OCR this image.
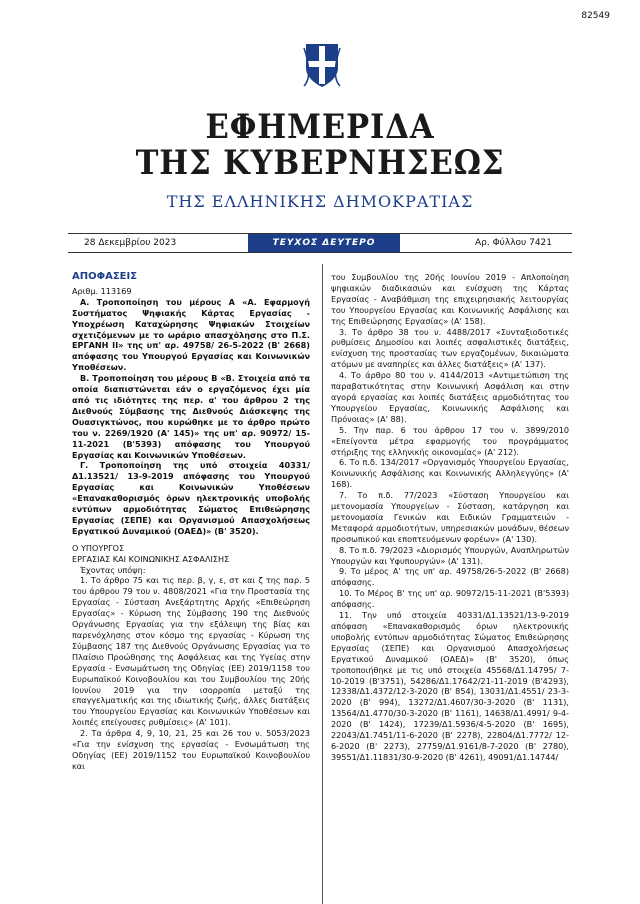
82549
ΕΦΗΜΕΡΙΔΑ
ΤΗΣ ΚΥΒΕΡΝΗΣΕΩΣ
ΤΗΣ ΕΛΛΗΝΙΚΗΣ ΔΗΜΟΚΡΑΤΙΑΣ
28 Δεκεμβρίου 2023	ΤΕΥΧΟΣ ΔΕΥΤΕΡΟ	Αρ. Φύλλου 7421
ΑΠΟΦΑΣΕΙΣ

Αριθμ. 113169

Α. Τροποποίηση του μέρους Α «Α. Εφαρμογή Συστήματος Ψηφιακής Κάρτας Εργασίας - Υποχρέωση Καταχώρησης Ψηφιακών Στοιχείων σχετιζόμενων με το ωράριο απασχόλησης στο Π.Σ. ΕΡΓΑΝΗ ΙΙ» της υπ' αρ. 49758/ 26-5-2022 (Β' 2668) απόφασης του Υπουργού Εργασίας και Κοινωνικών Υποθέσεων.

Β. Τροποποίηση του μέρους Β «Β. Στοιχεία από τα οποία διαπιστώνεται εάν ο εργαζόμενος έχει μία από τις ιδιότητες της περ. α' του άρθρου 2 της Διεθνούς Σύμβασης της Διεθνούς Διάσκεψης της Ουασιγκτώνος, που κυρώθηκε με το άρθρο πρώτο του ν. 2269/1920 (Α' 145)» της υπ' αρ. 90972/ 15-11-2021 (Β'5393) απόφασης του Υπουργού Εργασίας και Κοινωνικών Υποθέσεων.

Γ. Τροποποίηση της υπό στοιχεία 40331/Δ1.13521/ 13-9-2019 απόφασης του Υπουργού Εργασίας και Κοινωνικών Υποθέσεων «Επανακαθορισμός όρων ηλεκτρονικής υποβολής εντύπων αρμοδιότητας Σώματος Επιθεώρησης Εργασίας (ΣΕΠΕ) και Οργανισμού Απασχολήσεως Εργατικού Δυναμικού (ΟΑΕΔ)» (Β' 3520).

Ο ΥΠΟΥΡΓΟΣ

ΕΡΓΑΣΙΑΣ ΚΑΙ ΚΟΙΝΩΝΙΚΗΣ ΑΣΦΑΛΙΣΗΣ

Έχοντας υπόψη:

1. Το άρθρο 75 και τις περ. β, γ, ε, στ και ζ της παρ. 5 του άρθρου 79 του ν. 4808/2021 «Για την Προστασία της Εργασίας - Σύσταση Ανεξάρτητης Αρχής «Επιθεώρηση Εργασίας» - Κύρωση της Σύμβασης 190 της Διεθνούς Οργάνωσης Εργασίας για την εξάλειψη της βίας και παρενόχλησης στον κόσμο της εργασίας - Κύρωση της Σύμβασης 187 της Διεθνούς Οργάνωσης Εργασίας για το Πλαίσιο Προώθησης της Ασφάλειας και της Υγείας στην Εργασία - Ενσωμάτωση της Οδηγίας (ΕΕ) 2019/1158 του Ευρωπαϊκού Κοινοβουλίου και του Συμβουλίου της 20ής Ιουνίου 2019 για την ισορροπία μεταξύ της επαγγελματικής και της ιδιωτικής ζωής, άλλες διατάξεις του Υπουργείου Εργασίας και Κοινωνικών Υποθέσεων και λοιπές επείγουσες ρυθμίσεις» (Α' 101).

2. Τα άρθρα 4, 9, 10, 21, 25 και 26 του ν. 5053/2023 «Για την ενίσχυση της εργασίας - Ενσωμάτωση της Οδηγίας (ΕΕ) 2019/1152 του Ευρωπαϊκού Κοινοβουλίου και

του Συμβουλίου της 20ής Ιουνίου 2019 - Απλοποίηση ψηφιακών διαδικασιών και ενίσχυση της Κάρτας Εργασίας - Αναβάθμιση της επιχειρησιακής λειτουργίας του Υπουργείου Εργασίας και Κοινωνικής Ασφάλισης και της Επιθεώρησης Εργασίας» (Α' 158).

3. Το άρθρο 38 του ν. 4488/2017 «Συνταξιοδοτικές ρυθμίσεις Δημοσίου και λοιπές ασφαλιστικές διατάξεις, ενίσχυση της προστασίας των εργαζομένων, δικαιώματα ατόμων με αναπηρίες και άλλες διατάξεις» (Α' 137).

4. Το άρθρο 80 του ν. 4144/2013 «Αντιμετώπιση της παραβατικότητας στην Κοινωνική Ασφάλιση και στην αγορά εργασίας και λοιπές διατάξεις αρμοδιότητας του Υπουργείου Εργασίας, Κοινωνικής Ασφάλισης και Πρόνοιας» (Α' 88).

5. Την παρ. 6 του άρθρου 17 του ν. 3899/2010 «Επείγοντα μέτρα εφαρμογής του προγράμματος στήριξης της ελληνικής οικονομίας» (Α' 212).

6. Το π.δ. 134/2017 «Οργανισμός Υπουργείου Εργασίας, Κοινωνικής Ασφάλισης και Κοινωνικής Αλληλεγγύης» (Α' 168).

7. Το π.δ. 77/2023 «Σύσταση Υπουργείου και μετονομασία Υπουργείων - Σύσταση, κατάργηση και μετονομασία Γενικών και Ειδικών Γραμματειών - Μεταφορά αρμοδιοτήτων, υπηρεσιακών μονάδων, θέσεων προσωπικού και εποπτευόμενων φορέων» (Α' 130).

8. Το π.δ. 79/2023 «Διορισμός Υπουργών, Αναπληρωτών Υπουργών και Υφυπουργών» (Α' 131).

9. Το μέρος Α' της υπ' αρ. 49758/26-5-2022 (Β' 2668) απόφασης.

10. Το Μέρος Β' της υπ' αρ. 90972/15-11-2021 (Β'5393) απόφασης.

11. Την υπό στοιχεία 40331/Δ1.13521/13-9-2019 απόφαση «Επανακαθορισμός όρων ηλεκτρονικής υποβολής εντύπων αρμοδιότητας Σώματος Επιθεώρησης Εργασίας (ΣΕΠΕ) και Οργανισμού Απασχολήσεως Εργατικού Δυναμικού (ΟΑΕΔ)» (Β' 3520), όπως τροποποιήθηκε με τις υπό στοιχεία 45568/Δ1.14795/ 7-10-2019 (Β'3751), 54286/Δ1.17642/21-11-2019 (Β'4293), 12338/Δ1.4372/12-3-2020 (Β' 854), 13031/Δ1.4551/ 23-3-2020 (Β' 994), 13272/Δ1.4607/30-3-2020 (Β' 1131), 13564/Δ1.4770/30-3-2020 (Β' 1161), 14638/Δ1.4991/ 9-4-2020 (Β' 1424), 17239/Δ1.5936/4-5-2020 (Β' 1695), 22043/Δ1.7451/11-6-2020 (Β' 2278), 22804/Δ1.7772/ 12-6-2020 (Β' 2273), 27759/Δ1.9161/8-7-2020 (Β' 2780), 39551/Δ1.11831/30-9-2020 (Β' 4261), 49091/Δ1.14744/
